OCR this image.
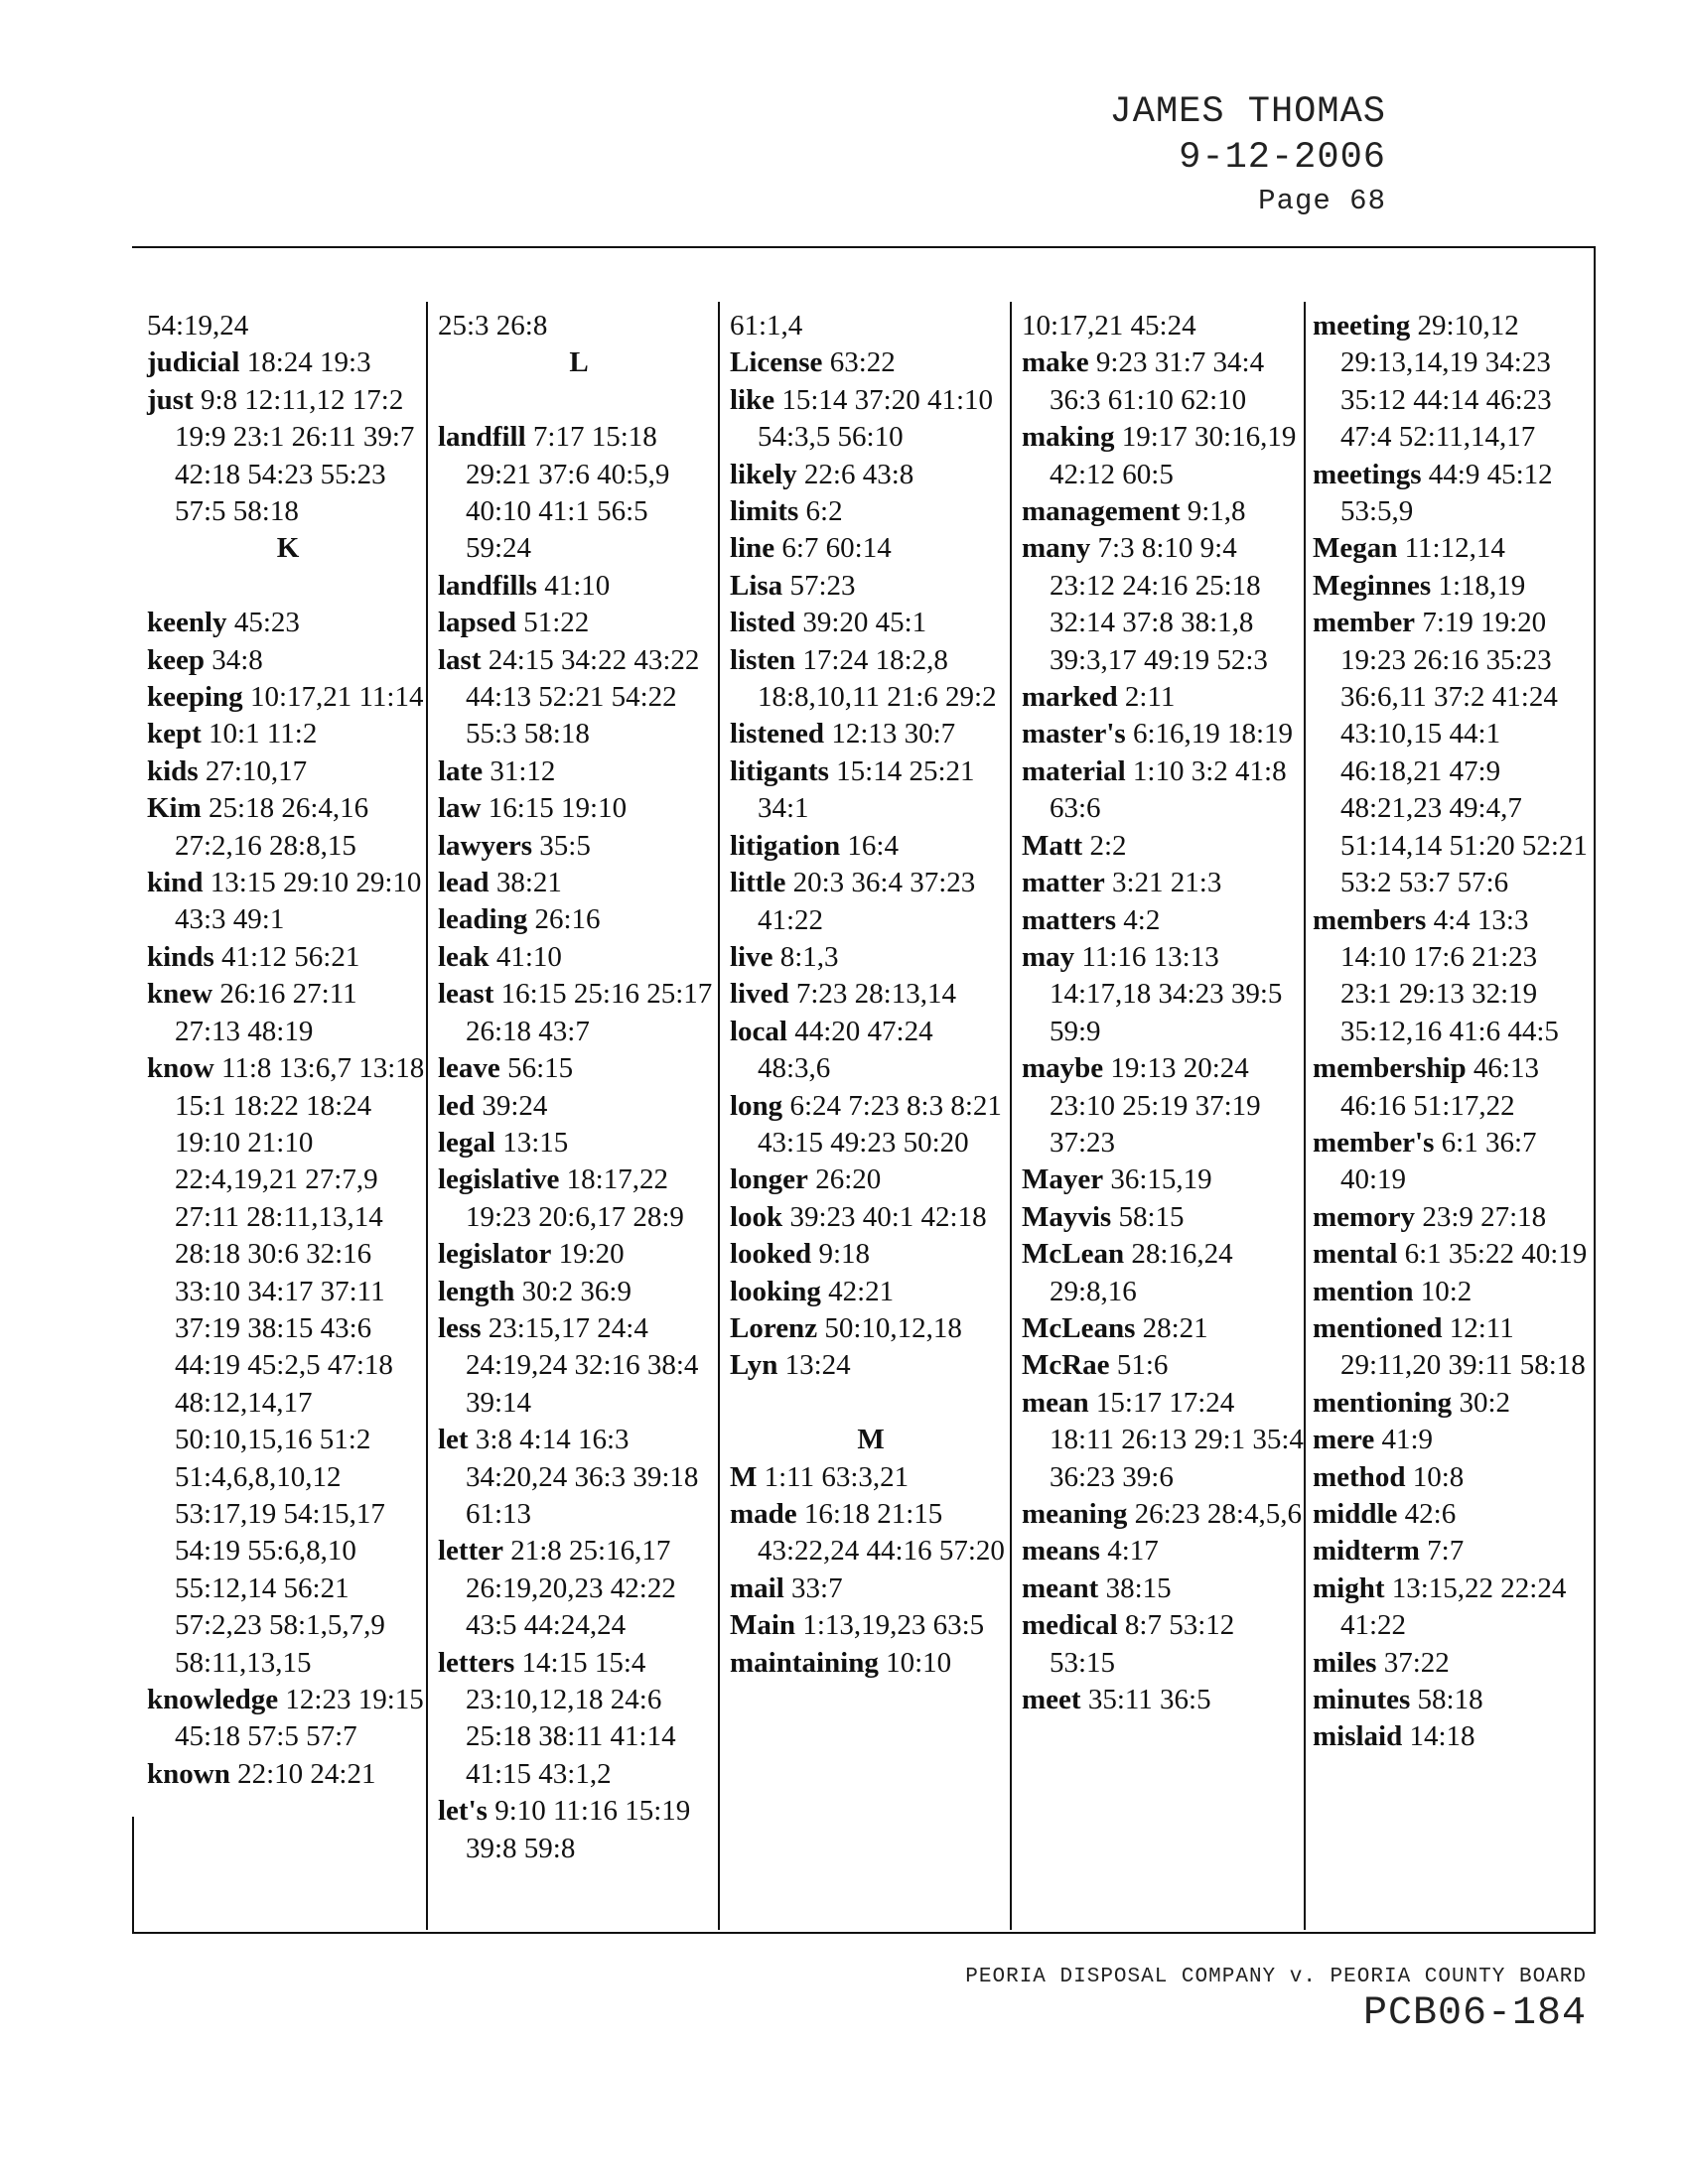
JAMES THOMAS
9-12-2006
Page 68
54:19,24
judicial 18:24 19:3
just 9:8 12:11,12 17:2 19:9 23:1 26:11 39:7 42:18 54:23 55:23 57:5 58:18
K
keenly 45:23
keep 34:8
keeping 10:17,21 11:14
kept 10:1 11:2
kids 27:10,17
Kim 25:18 26:4,16 27:2,16 28:8,15
kind 13:15 29:10 29:10 43:3 49:1
kinds 41:12 56:21
knew 26:16 27:11 27:13 48:19
know 11:8 13:6,7 13:18 15:1 18:22 18:24 19:10 21:10 22:4,19,21 27:7,9 27:11 28:11,13,14 28:18 30:6 32:16 33:10 34:17 37:11 37:19 38:15 43:6 44:19 45:2,5 47:18 48:12,14,17 50:10,15,16 51:2 51:4,6,8,10,12 53:17,19 54:15,17 54:19 55:6,8,10 55:12,14 56:21 57:2,23 58:1,5,7,9 58:11,13,15
knowledge 12:23 19:15 45:18 57:5 57:7
known 22:10 24:21
25:3 26:8
L
landfill 7:17 15:18 29:21 37:6 40:5,9 40:10 41:1 56:5 59:24
landfills 41:10
lapsed 51:22
last 24:15 34:22 43:22 44:13 52:21 54:22 55:3 58:18
late 31:12
law 16:15 19:10
lawyers 35:5
lead 38:21
leading 26:16
leak 41:10
least 16:15 25:16 25:17 26:18 43:7
leave 56:15
led 39:24
legal 13:15
legislative 18:17,22 19:23 20:6,17 28:9
legislator 19:20
length 30:2 36:9
less 23:15,17 24:4 24:19,24 32:16 38:4 39:14
let 3:8 4:14 16:3 34:20,24 36:3 39:18 61:13
letter 21:8 25:16,17 26:19,20,23 42:22 43:5 44:24,24
letters 14:15 15:4 23:10,12,18 24:6 25:18 38:11 41:14 41:15 43:1,2
let's 9:10 11:16 15:19 39:8 59:8
61:1,4
License 63:22
like 15:14 37:20 41:10 54:3,5 56:10
likely 22:6 43:8
limits 6:2
line 6:7 60:14
Lisa 57:23
listed 39:20 45:1
listen 17:24 18:2,8 18:8,10,11 21:6 29:2
listened 12:13 30:7
litigants 15:14 25:21 34:1
litigation 16:4
little 20:3 36:4 37:23 41:22
live 8:1,3
lived 7:23 28:13,14
local 44:20 47:24 48:3,6
long 6:24 7:23 8:3 8:21 43:15 49:23 50:20
longer 26:20
look 39:23 40:1 42:18
looked 9:18
looking 42:21
Lorenz 50:10,12,18
Lyn 13:24
M
M 1:11 63:3,21
made 16:18 21:15 43:22,24 44:16 57:20
mail 33:7
Main 1:13,19,23 63:5
maintaining 10:10
10:17,21 45:24
make 9:23 31:7 34:4 36:3 61:10 62:10
making 19:17 30:16,19 42:12 60:5
management 9:1,8
many 7:3 8:10 9:4 23:12 24:16 25:18 32:14 37:8 38:1,8 39:3,17 49:19 52:3
marked 2:11
master's 6:16,19 18:19
material 1:10 3:2 41:8 63:6
Matt 2:2
matter 3:21 21:3
matters 4:2
may 11:16 13:13 14:17,18 34:23 39:5 59:9
maybe 19:13 20:24 23:10 25:19 37:19 37:23
Mayer 36:15,19
Mayvis 58:15
McLean 28:16,24 29:8,16
McLeans 28:21
McRae 51:6
mean 15:17 17:24 18:11 26:13 29:1 35:4 36:23 39:6
meaning 26:23 28:4,5,6
means 4:17
meant 38:15
medical 8:7 53:12 53:15
meet 35:11 36:5
meeting 29:10,12 29:13,14,19 34:23 35:12 44:14 46:23 47:4 52:11,14,17
meetings 44:9 45:12 53:5,9
Megan 11:12,14
Meginnes 1:18,19
member 7:19 19:20 19:23 26:16 35:23 36:6,11 37:2 41:24 43:10,15 44:1 46:18,21 47:9 48:21,23 49:4,7 51:14,14 51:20 52:21 53:2 53:7 57:6
members 4:4 13:3 14:10 17:6 21:23 23:1 29:13 32:19 35:12,16 41:6 44:5
membership 46:13 46:16 51:17,22
member's 6:1 36:7 40:19
memory 23:9 27:18
mental 6:1 35:22 40:19
mention 10:2
mentioned 12:11 29:11,20 39:11 58:18
mentioning 30:2
mere 41:9
method 10:8
middle 42:6
midterm 7:7
might 13:15,22 22:24 41:22
miles 37:22
minutes 58:18
mislaid 14:18
PEORIA DISPOSAL COMPANY v. PEORIA COUNTY BOARD
PCB06-184
